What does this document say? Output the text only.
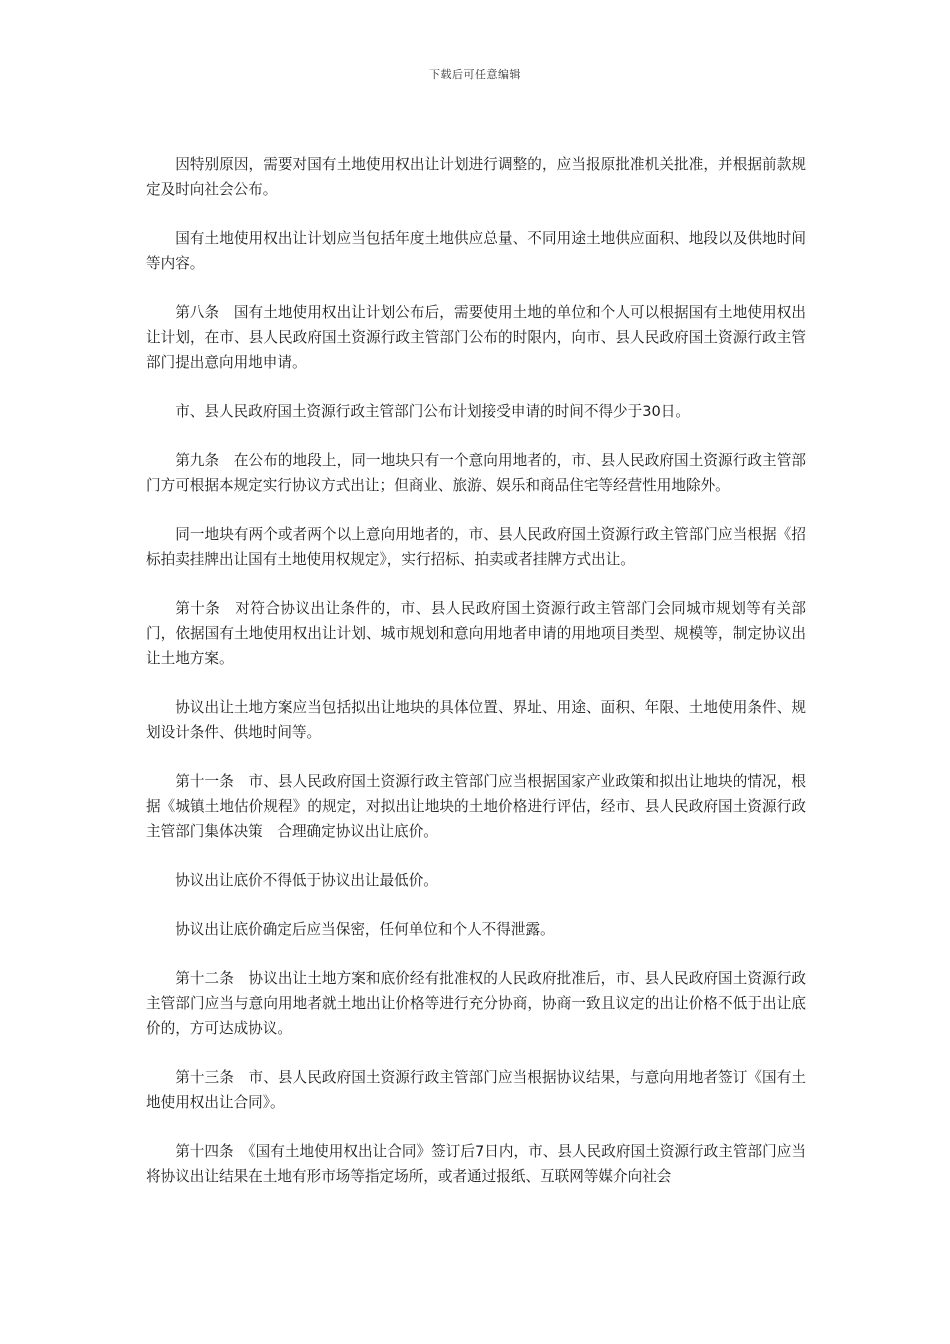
下载后可任意编辑

因特别原因，需要对国有土地使用权出让计划进行调整的，应当报原批准机关批准，并根据前款规定及时向社会公布。

国有土地使用权出让计划应当包括年度土地供应总量、不同用途土地供应面积、地段以及供地时间等内容。

第八条　国有土地使用权出让计划公布后，需要使用土地的单位和个人可以根据国有土地使用权出让计划，在市、县人民政府国土资源行政主管部门公布的时限内，向市、县人民政府国土资源行政主管部门提出意向用地申请。

市、县人民政府国土资源行政主管部门公布计划接受申请的时间不得少于30日。

第九条　在公布的地段上，同一地块只有一个意向用地者的，市、县人民政府国土资源行政主管部门方可根据本规定实行协议方式出让；但商业、旅游、娱乐和商品住宅等经营性用地除外。

同一地块有两个或者两个以上意向用地者的，市、县人民政府国土资源行政主管部门应当根据《招标拍卖挂牌出让国有土地使用权规定》，实行招标、拍卖或者挂牌方式出让。

第十条　对符合协议出让条件的，市、县人民政府国土资源行政主管部门会同城市规划等有关部门，依据国有土地使用权出让计划、城市规划和意向用地者申请的用地项目类型、规模等，制定协议出让土地方案。

协议出让土地方案应当包括拟出让地块的具体位置、界址、用途、面积、年限、土地使用条件、规划设计条件、供地时间等。

第十一条　市、县人民政府国土资源行政主管部门应当根据国家产业政策和拟出让地块的情况，根据《城镇土地估价规程》的规定，对拟出让地块的土地价格进行评估，经市、县人民政府国土资源行政主管部门集体决策　合理确定协议出让底价。

协议出让底价不得低于协议出让最低价。

协议出让底价确定后应当保密，任何单位和个人不得泄露。

第十二条　协议出让土地方案和底价经有批准权的人民政府批准后，市、县人民政府国土资源行政主管部门应当与意向用地者就土地出让价格等进行充分协商，协商一致且议定的出让价格不低于出让底价的，方可达成协议。

第十三条　市、县人民政府国土资源行政主管部门应当根据协议结果，与意向用地者签订《国有土地使用权出让合同》。

第十四条　《国有土地使用权出让合同》签订后7日内，市、县人民政府国土资源行政主管部门应当将协议出让结果在土地有形市场等指定场所，或者通过报纸、互联网等媒介向社会
